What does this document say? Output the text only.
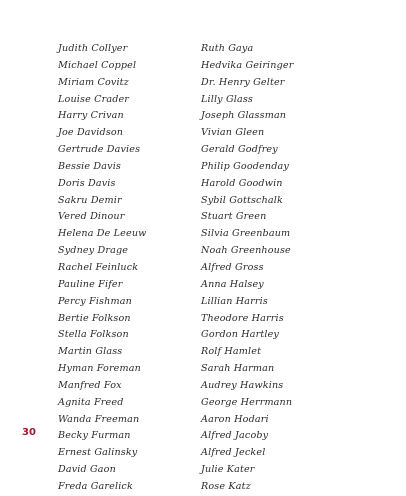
Judith Collyer
Michael Coppel
Miriam Covitz
Louise Crader
Harry Crivan
Joe Davidson
Gertrude Davies
Bessie Davis
Doris Davis
Sakru Demir
Vered Dinour
Helena De Leeuw
Sydney Drage
Rachel Feinluck
Pauline Fifer
Percy Fishman
Bertie Folkson
Stella Folkson
Martin Glass
Hyman Foreman
Manfred Fox
Agnita Freed
Wanda Freeman
Becky Furman
Ernest Galinsky
David Gaon
Freda Garelick
Ruth Gaya
Hedvika Geiringer
Dr. Henry Gelter
Lilly Glass
Joseph Glassman
Vivian Gleen
Gerald Godfrey
Philip Goodenday
Harold Goodwin
Sybil Gottschalk
Stuart Green
Silvia Greenbaum
Noah Greenhouse
Alfred Gross
Anna Halsey
Lillian Harris
Theodore Harris
Gordon Hartley
Rolf Hamlet
Sarah Harman
Audrey Hawkins
George Herrmann
Aaron Hodari
Alfred Jacoby
Alfred Jeckel
Julie Kater
Rose Katz
30
